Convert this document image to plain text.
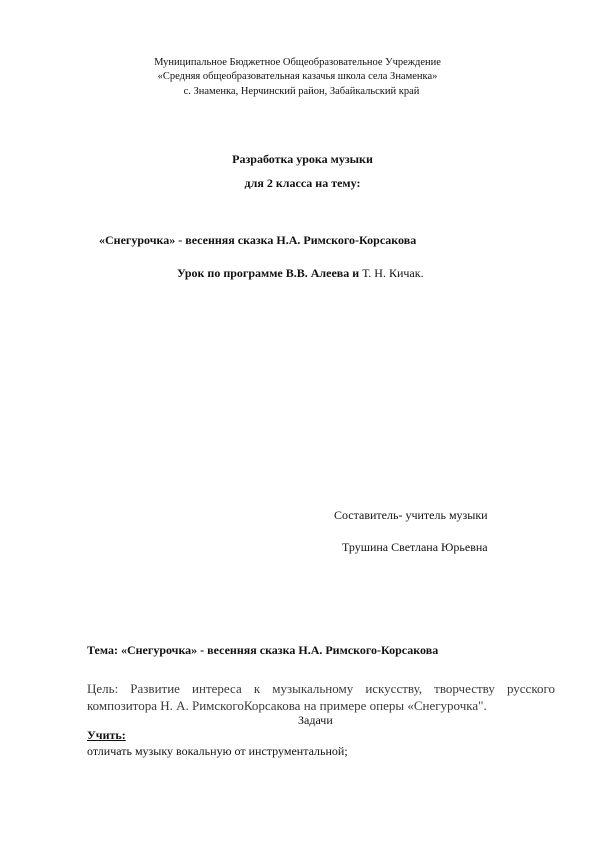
Муниципальное Бюджетное Общеобразовательное Учреждение
«Средняя общеобразовательная казачья школа села Знаменка»
с. Знаменка, Нерчинский район, Забайкальский край
Разработка урока музыки
для 2 класса на тему:
«Снегурочка» - весенняя сказка Н.А. Римского-Корсакова
Урок по программе В.В. Алеева и Т. Н. Кичак.
Составитель- учитель музыки
Трушина Светлана Юрьевна
Тема: «Снегурочка» - весенняя сказка Н.А. Римского-Корсакова
Цель: Развитие интереса к музыкальному искусству, творчеству русского композитора Н. А. РимскогоКорсакова на примере оперы «Снегурочка".
Задачи
Учить:
отличать музыку вокальную от инструментальной;
